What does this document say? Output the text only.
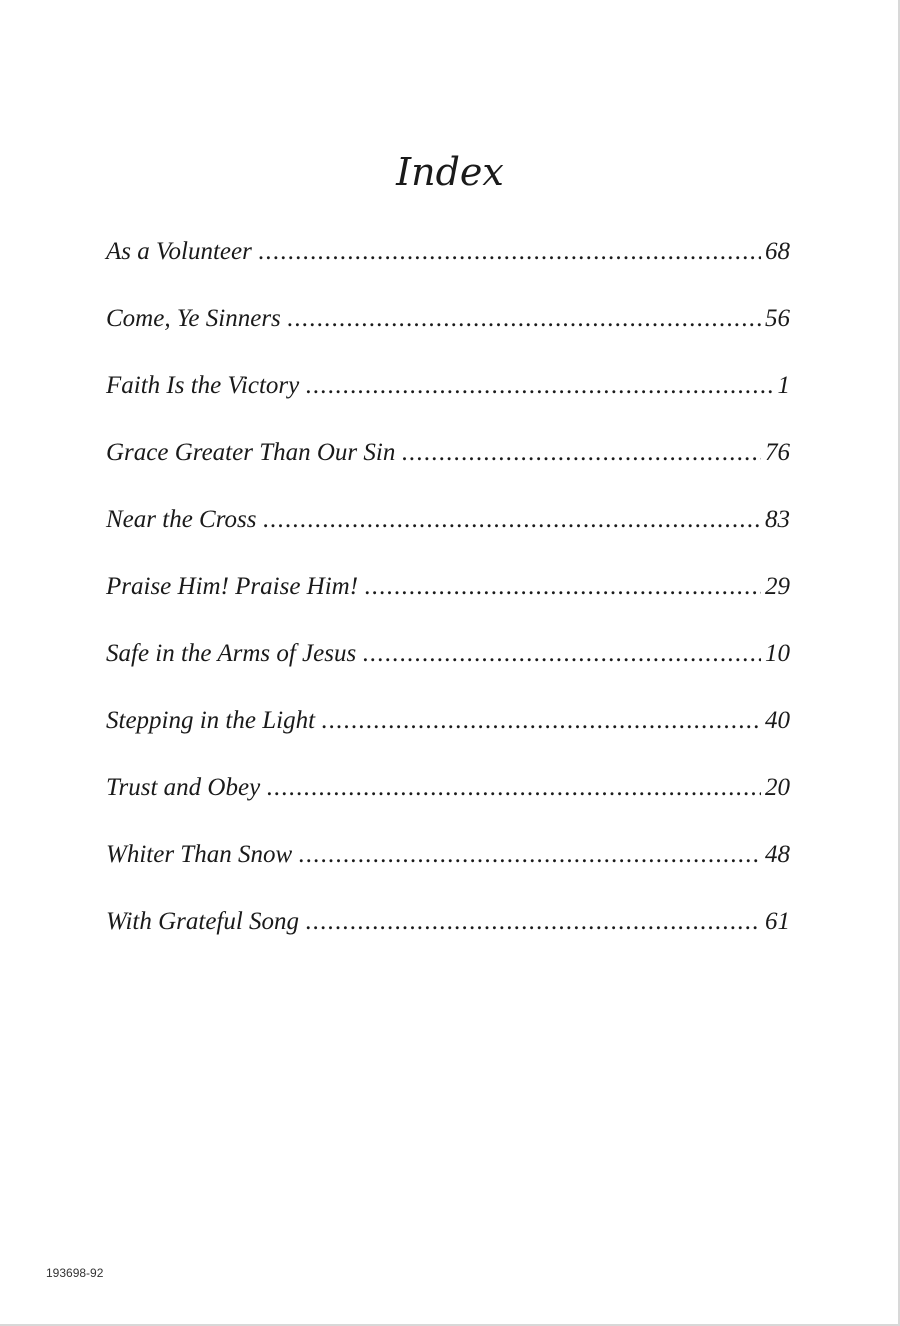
Index
As a Volunteer .....	68
Come, Ye Sinners .....	56
Faith Is the Victory .....	1
Grace Greater Than Our Sin .....	76
Near the Cross .....	83
Praise Him! Praise Him! .....	29
Safe in the Arms of Jesus .....	10
Stepping in the Light .....	40
Trust and Obey .....	20
Whiter Than Snow .....	48
With Grateful Song .....	61
193698-92
